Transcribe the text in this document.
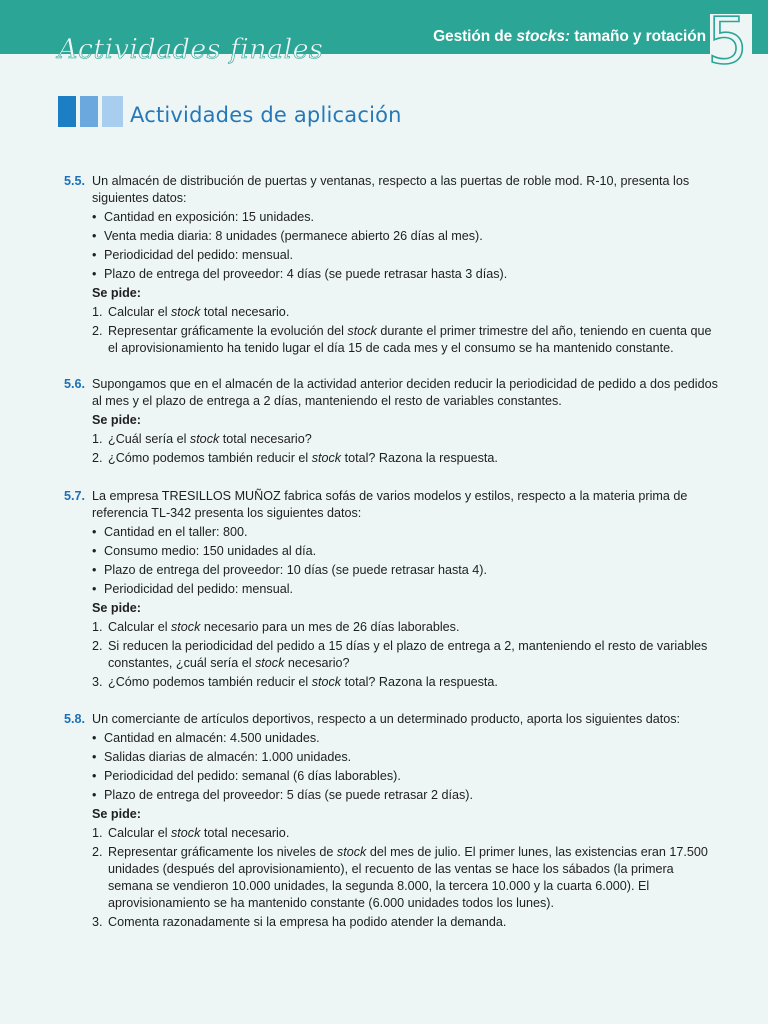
Gestión de stocks: tamaño y rotación 5
Actividades finales
Actividades de aplicación
5.5. Un almacén de distribución de puertas y ventanas, respecto a las puertas de roble mod. R-10, presenta los siguientes datos:
• Cantidad en exposición: 15 unidades.
• Venta media diaria: 8 unidades (permanece abierto 26 días al mes).
• Periodicidad del pedido: mensual.
• Plazo de entrega del proveedor: 4 días (se puede retrasar hasta 3 días).
Se pide:
1. Calcular el stock total necesario.
2. Representar gráficamente la evolución del stock durante el primer trimestre del año, teniendo en cuenta que el aprovisionamiento ha tenido lugar el día 15 de cada mes y el consumo se ha mantenido constante.
5.6. Supongamos que en el almacén de la actividad anterior deciden reducir la periodicidad de pedido a dos pedidos al mes y el plazo de entrega a 2 días, manteniendo el resto de variables constantes.
Se pide:
1. ¿Cuál sería el stock total necesario?
2. ¿Cómo podemos también reducir el stock total? Razona la respuesta.
5.7. La empresa TRESILLOS MUÑOZ fabrica sofás de varios modelos y estilos, respecto a la materia prima de referencia TL-342 presenta los siguientes datos:
• Cantidad en el taller: 800.
• Consumo medio: 150 unidades al día.
• Plazo de entrega del proveedor: 10 días (se puede retrasar hasta 4).
• Periodicidad del pedido: mensual.
Se pide:
1. Calcular el stock necesario para un mes de 26 días laborables.
2. Si reducen la periodicidad del pedido a 15 días y el plazo de entrega a 2, manteniendo el resto de variables constantes, ¿cuál sería el stock necesario?
3. ¿Cómo podemos también reducir el stock total? Razona la respuesta.
5.8. Un comerciante de artículos deportivos, respecto a un determinado producto, aporta los siguientes datos:
• Cantidad en almacén: 4.500 unidades.
• Salidas diarias de almacén: 1.000 unidades.
• Periodicidad del pedido: semanal (6 días laborables).
• Plazo de entrega del proveedor: 5 días (se puede retrasar 2 días).
Se pide:
1. Calcular el stock total necesario.
2. Representar gráficamente los niveles de stock del mes de julio. El primer lunes, las existencias eran 17.500 unidades (después del aprovisionamiento), el recuento de las ventas se hace los sábados (la primera semana se vendieron 10.000 unidades, la segunda 8.000, la tercera 10.000 y la cuarta 6.000). El aprovisionamiento se ha mantenido constante (6.000 unidades todos los lunes).
3. Comenta razonadamente si la empresa ha podido atender la demanda.
